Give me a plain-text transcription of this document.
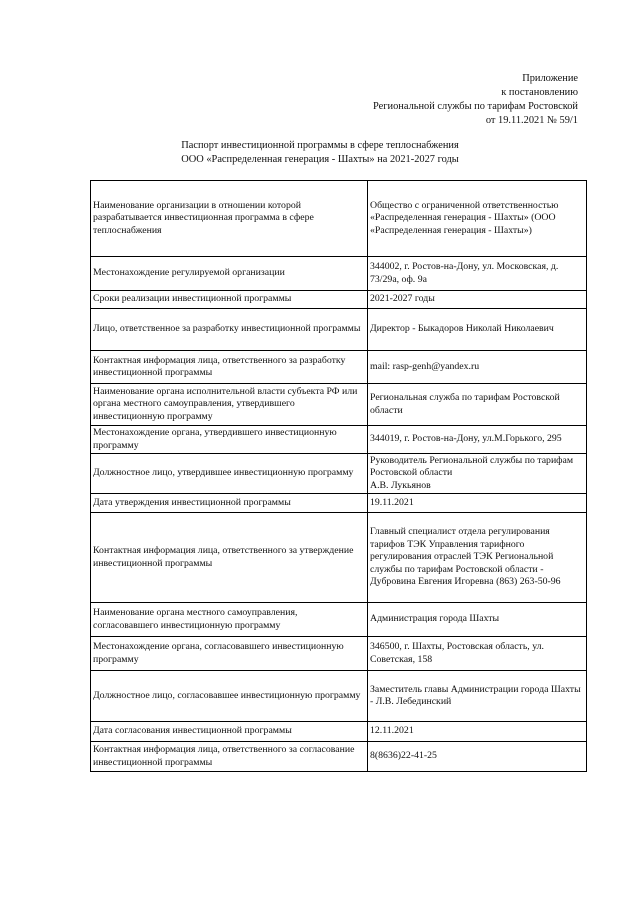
Приложение
к постановлению
Региональной службы по тарифам Ростовской
от 19.11.2021 № 59/1
Паспорт инвестиционной программы в сфере теплоснабжения
ООО «Распределенная генерация - Шахты» на 2021-2027 годы
Наименование организации в отношении которой разрабатывается инвестиционная программа в сфере теплоснабжения	Общество с ограниченной ответственностью «Распределенная генерация - Шахты» (ООО «Распределенная генерация - Шахты»)
Местонахождение регулируемой организации	344002, г. Ростов-на-Дону, ул. Московская, д. 73/29а, оф. 9а
Сроки реализации инвестиционной программы	2021-2027 годы
Лицо, ответственное за разработку инвестиционной программы	Директор - Быкадоров Николай Николаевич
Контактная информация лица, ответственного за разработку инвестиционной программы	mail: rasp-genh@yandex.ru
Наименование органа исполнительной власти субъекта РФ или органа местного самоуправления, утвердившего инвестиционную программу	Региональная служба по тарифам Ростовской области
Местонахождение органа, утвердившего инвестиционную программу	344019, г. Ростов-на-Дону, ул.М.Горького, 295
Должностное лицо, утвердившее инвестиционную программу	Руководитель Региональной службы по тарифам Ростовской области
А.В. Лукьянов
Дата утверждения инвестиционной программы	19.11.2021
Контактная информация лица, ответственного за утверждение инвестиционной программы	Главный специалист отдела регулирования тарифов ТЭК Управления тарифного регулирования отраслей ТЭК Региональной службы по тарифам Ростовской области - Дубровина Евгения Игоревна (863) 263-50-96
Наименование органа местного самоуправления, согласовавшего инвестиционную программу	Администрация города Шахты
Местонахождение органа, согласовавшего инвестиционную программу	346500, г. Шахты, Ростовская область, ул. Советская, 158
Должностное лицо, согласовавшее инвестиционную программу	Заместитель главы Администрации города Шахты - Л.В. Лебединский
Дата согласования инвестиционной программы	12.11.2021
Контактная информация лица, ответственного за согласование инвестиционной программы	8(8636)22-41-25
